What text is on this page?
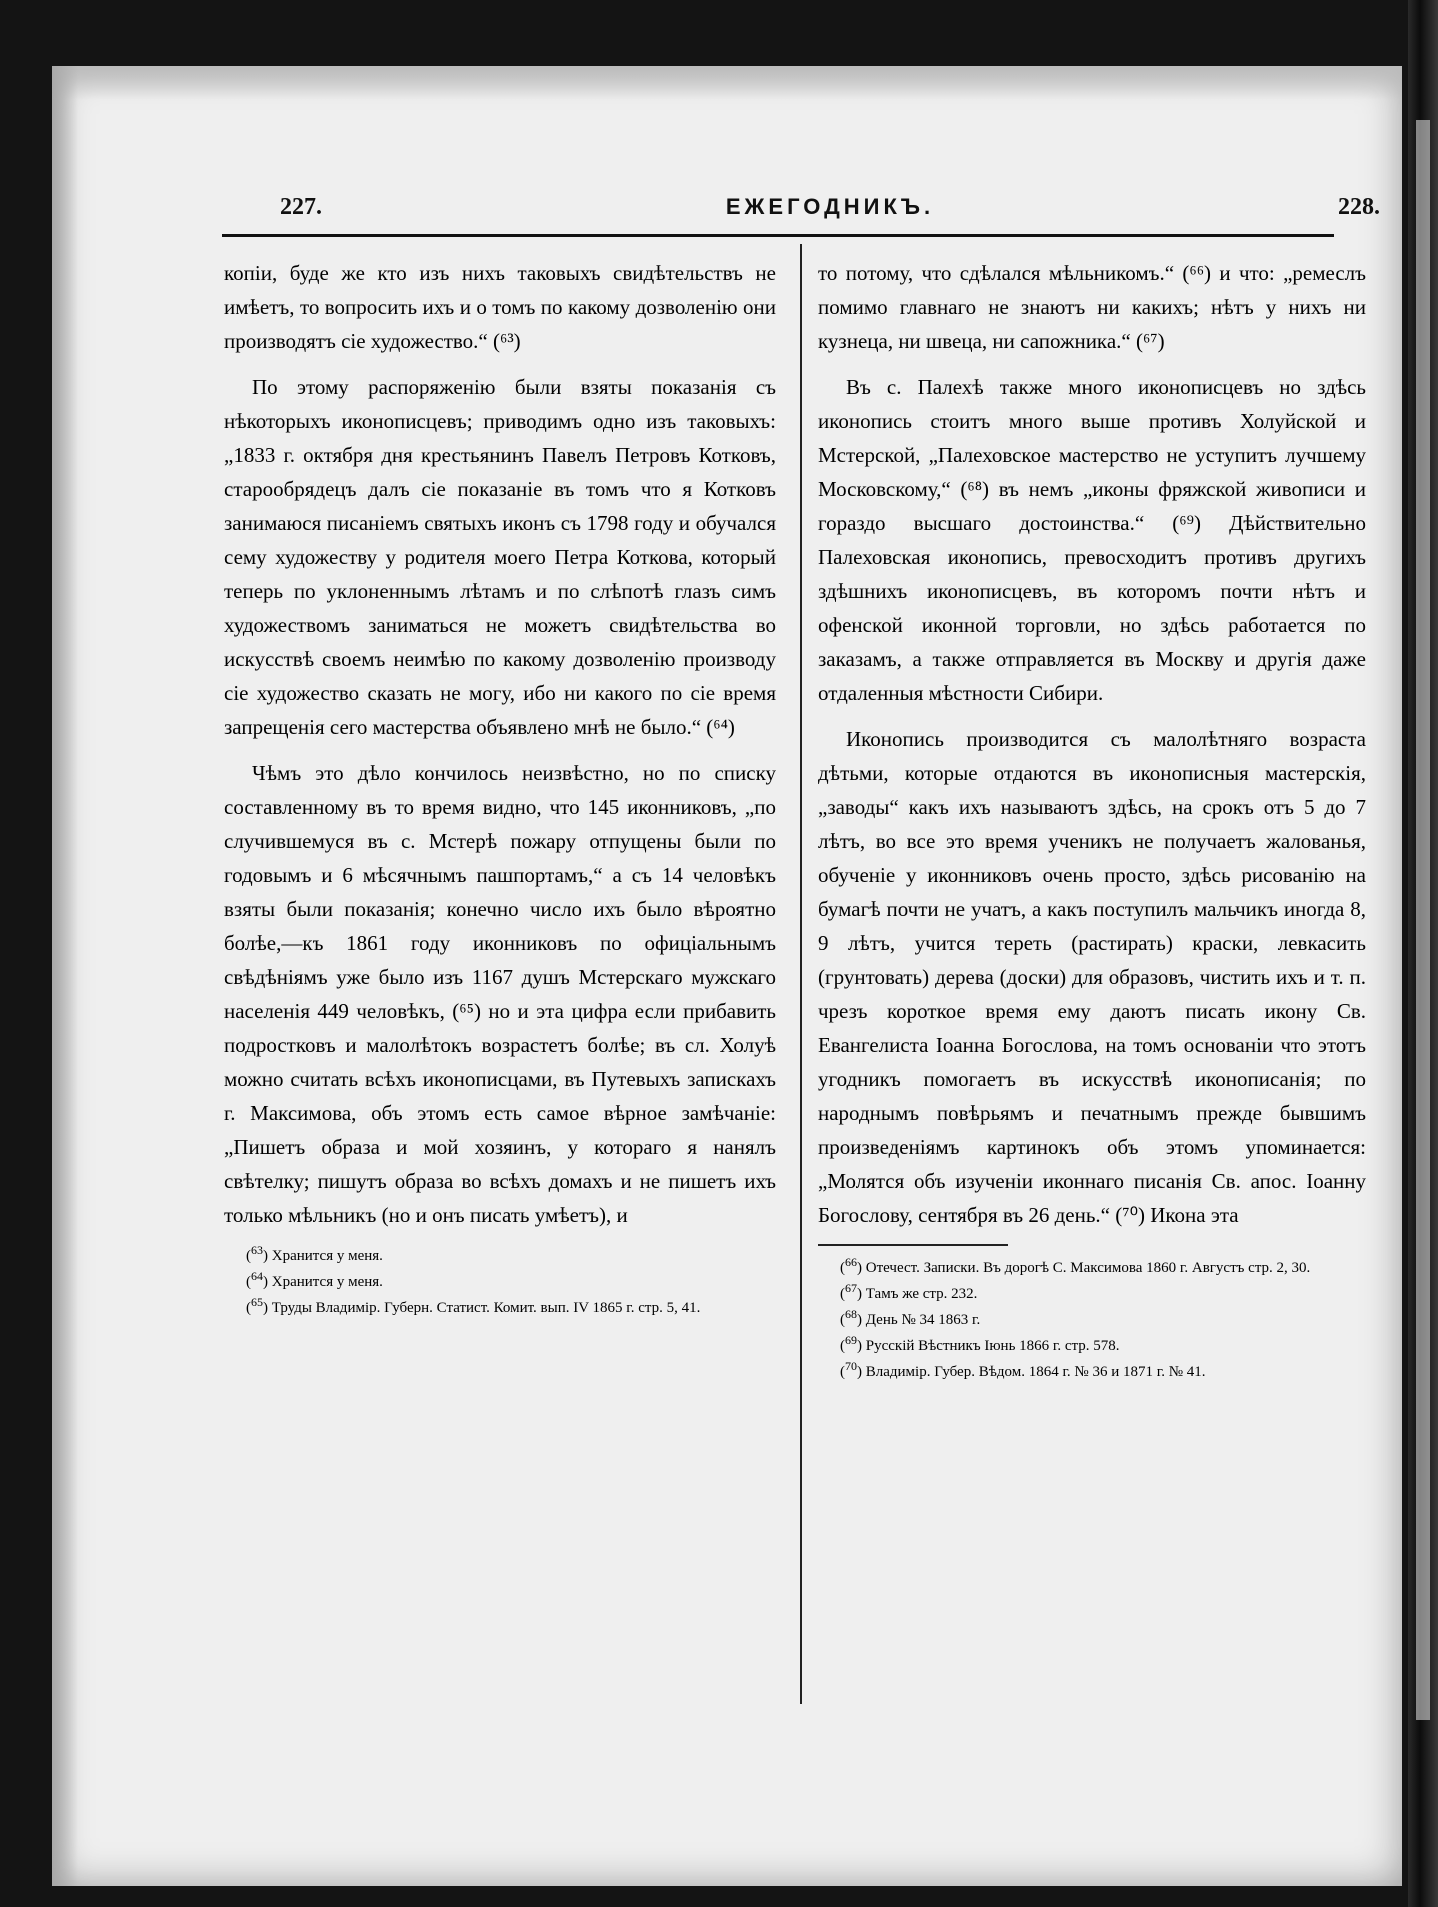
227.	ЕЖЕГОДНИКЪ.	228.

копіи, буде же кто изъ нихъ таковыхъ свидѣтельствъ не имѣетъ, то вопросить ихъ и о томъ по какому дозволенію они производятъ сіе художество.“ (⁶³)

По этому распоряженію были взяты показанія съ нѣкоторыхъ иконописцевъ; приводимъ одно изъ таковыхъ: „1833 г. октября дня крестьянинъ Павелъ Петровъ Котковъ, старообрядецъ далъ сіе показаніе въ томъ что я Котковъ занимаюся писаніемъ святыхъ иконъ съ 1798 году и обучался сему художеству у родителя моего Петра Коткова, который теперь по уклоненнымъ лѣтамъ и по слѣпотѣ глазъ симъ художествомъ заниматься не можетъ свидѣтельства во искусствѣ своемъ неимѣю по какому дозволенію производу сіе художество сказать не могу, ибо ни какого по сіе время запрещенія сего мастерства объявлено мнѣ не было.“ (⁶⁴)

Чѣмъ это дѣло кончилось неизвѣстно, но по списку составленному въ то время видно, что 145 иконниковъ, „по случившемуся въ с. Мстерѣ пожару отпущены были по годовымъ и 6 мѣсячнымъ пашпортамъ,“ а съ 14 человѣкъ взяты были показанія; конечно число ихъ было вѣроятно болѣе,—къ 1861 году иконниковъ по офиціальнымъ свѣдѣніямъ уже было изъ 1167 душъ Мстерскаго мужскаго населенія 449 человѣкъ, (⁶⁵) но и эта цифра если прибавить подростковъ и малолѣтокъ возрастетъ болѣе; въ сл. Холуѣ можно считать всѣхъ иконописцами, въ Путевыхъ запискахъ г. Максимова, объ этомъ есть самое вѣрное замѣчаніе: „Пишетъ образа и мой хозяинъ, у котораго я нанялъ свѣтелку; пишутъ образа во всѣхъ домахъ и не пишетъ ихъ только мѣльникъ (но и онъ писать умѣетъ), и

($^{63}$) Хранится у меня.

($^{64}$) Хранится у меня.

($^{65}$) Труды Владимір. Губерн. Статист. Комит. вып. IV 1865 г. стр. 5, 41.

то потому, что сдѣлался мѣльникомъ.“ (⁶⁶) и что: „ремеслъ помимо главнаго не знаютъ ни какихъ; нѣтъ у нихъ ни кузнеца, ни швеца, ни сапожника.“ (⁶⁷)

Въ с. Палехѣ также много иконописцевъ но здѣсь иконопись стоитъ много выше противъ Холуйской и Мстерской, „Палеховское мастерство не уступитъ лучшему Московскому,“ (⁶⁸) въ немъ „иконы фряжской живописи и гораздо высшаго достоинства.“ (⁶⁹) Дѣйствительно Палеховская иконопись, превосходитъ противъ другихъ здѣшнихъ иконописцевъ, въ которомъ почти нѣтъ и офенской иконной торговли, но здѣсь работается по заказамъ, а также отправляется въ Москву и другія даже отдаленныя мѣстности Сибири.

Иконопись производится съ малолѣтняго возраста дѣтьми, которые отдаются въ иконописныя мастерскія, „заводы“ какъ ихъ называютъ здѣсь, на срокъ отъ 5 до 7 лѣтъ, во все это время ученикъ не получаетъ жалованья, обученіе у иконниковъ очень просто, здѣсь рисованію на бумагѣ почти не учатъ, а какъ поступилъ мальчикъ иногда 8, 9 лѣтъ, учится тереть (растирать) краски, левкасить (грунтовать) дерева (доски) для образовъ, чистить ихъ и т. п. чрезъ короткое время ему даютъ писать икону Св. Евангелиста Іоанна Богослова, на томъ основаніи что этотъ угодникъ помогаетъ въ искусствѣ иконописанія; по народнымъ повѣрьямъ и печатнымъ прежде бывшимъ произведеніямъ картинокъ объ этомъ упоминается: „Молятся объ изученіи иконнаго писанія Св. апос. Іоанну Богослову, сентября въ 26 день.“ (⁷⁰) Икона эта

($^{66}$) Отечест. Записки. Въ дорогѣ С. Максимова 1860 г. Августъ стр. 2, 30.

($^{67}$) Тамъ же стр. 232.

($^{68}$) День № 34 1863 г.

($^{69}$) Русскій Вѣстникъ Іюнь 1866 г. стр. 578.

($^{70}$) Владимір. Губер. Вѣдом. 1864 г. № 36 и 1871 г. № 41.
